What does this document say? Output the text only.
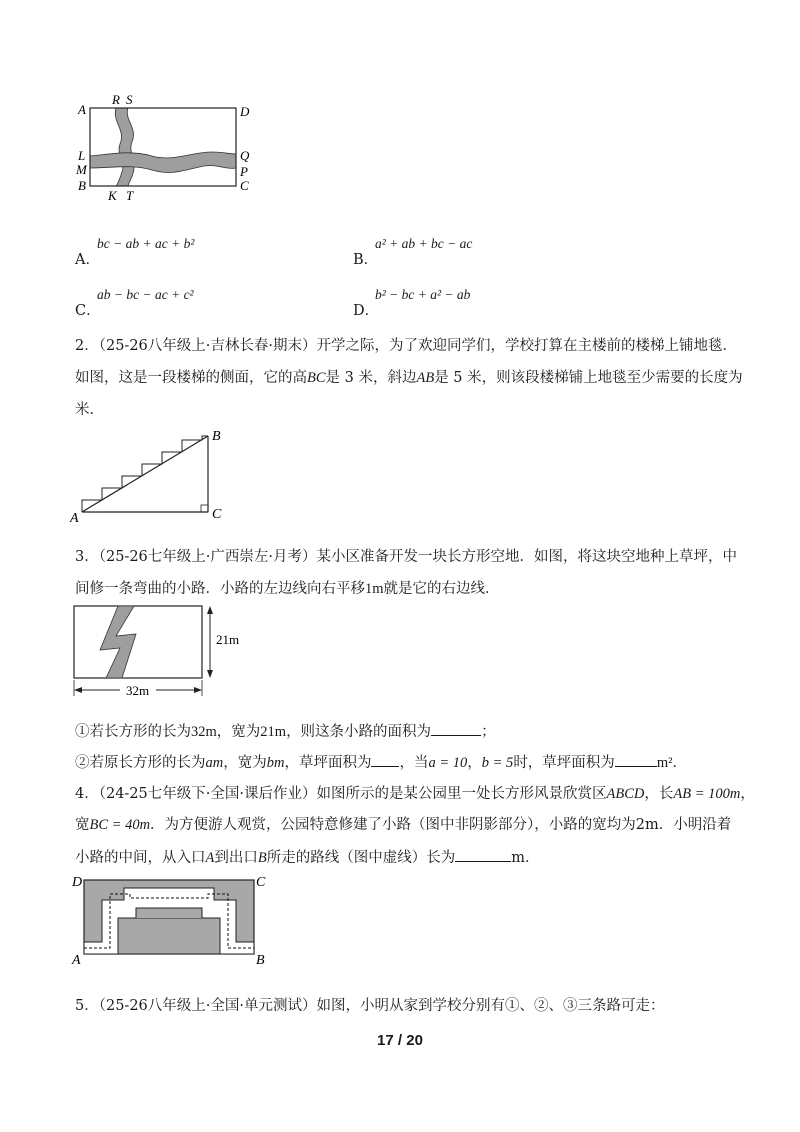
A
R S
D
L
M
B
Q
P
C
K T
A．
bc − ab + ac + b²
B．
a² + ab + bc − ac
C．
ab − bc − ac + c²
D．
b² − bc + a² − ab
2．（25-26八年级上·吉林长春·期末）开学之际，为了欢迎同学们，学校打算在主楼前的楼梯上铺地毯．
如图，这是一段楼梯的侧面，它的高BC是 3 米，斜边AB是 5 米，则该段楼梯铺上地毯至少需要的长度为
米．
A
B
C
3．（25-26七年级上·广西崇左·月考）某小区准备开发一块长方形空地．如图，将这块空地种上草坪，中
间修一条弯曲的小路．小路的左边线向右平移1m就是它的右边线．
21m
32m
①若长方形的长为32m，宽为21m，则这条小路的面积为	；
②若原长方形的长为am，宽为bm，草坪面积为 ，当a = 10，b = 5时，草坪面积为	m²．
4．（24-25七年级下·全国·课后作业）如图所示的是某公园里一处长方形风景欣赏区ABCD，长AB = 100m，
宽BC = 40m．为方便游人观赏，公园特意修建了小路（图中非阴影部分），小路的宽均为2m．小明沿着
小路的中间，从入口A到出口B所走的路线（图中虚线）长为	m．
A	B
C
D
5．（25-26八年级上·全国·单元测试）如图，小明从家到学校分别有①、②、③三条路可走：
17 / 20
